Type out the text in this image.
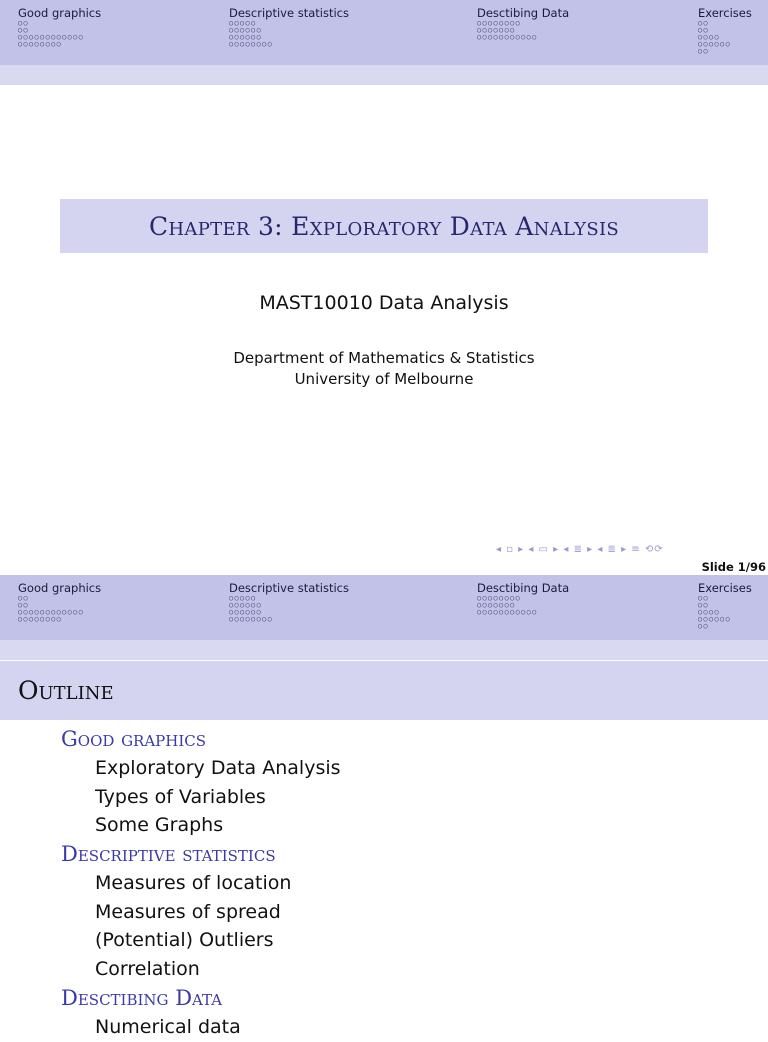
Good graphics
○○
○○
○○○○○○○○○○○○
○○○○○○○○
Descriptive statistics
○○○○○
○○○○○○
○○○○○○
○○○○○○○○
Desctibing Data
○○○○○○○○
○○○○○○○
○○○○○○○○○○○
Exercises
○○
○○
○○○○
○○○○○○
○○
Chapter 3: Exploratory Data Analysis
MAST10010 Data Analysis
Department of Mathematics & Statistics
University of Melbourne
◂ ▫ ▸ ◂ ▭ ▸ ◂ ≣ ▸ ◂ ≣ ▸ ≡ ⟲⟳
Slide 1/96
Good graphics
○○
○○
○○○○○○○○○○○○
○○○○○○○○
Descriptive statistics
○○○○○
○○○○○○
○○○○○○
○○○○○○○○
Desctibing Data
○○○○○○○○
○○○○○○○
○○○○○○○○○○○
Exercises
○○
○○
○○○○
○○○○○○
○○
Outline
Good graphics
Exploratory Data Analysis
Types of Variables
Some Graphs
Descriptive statistics
Measures of location
Measures of spread
(Potential) Outliers
Correlation
Desctibing Data
Numerical data
